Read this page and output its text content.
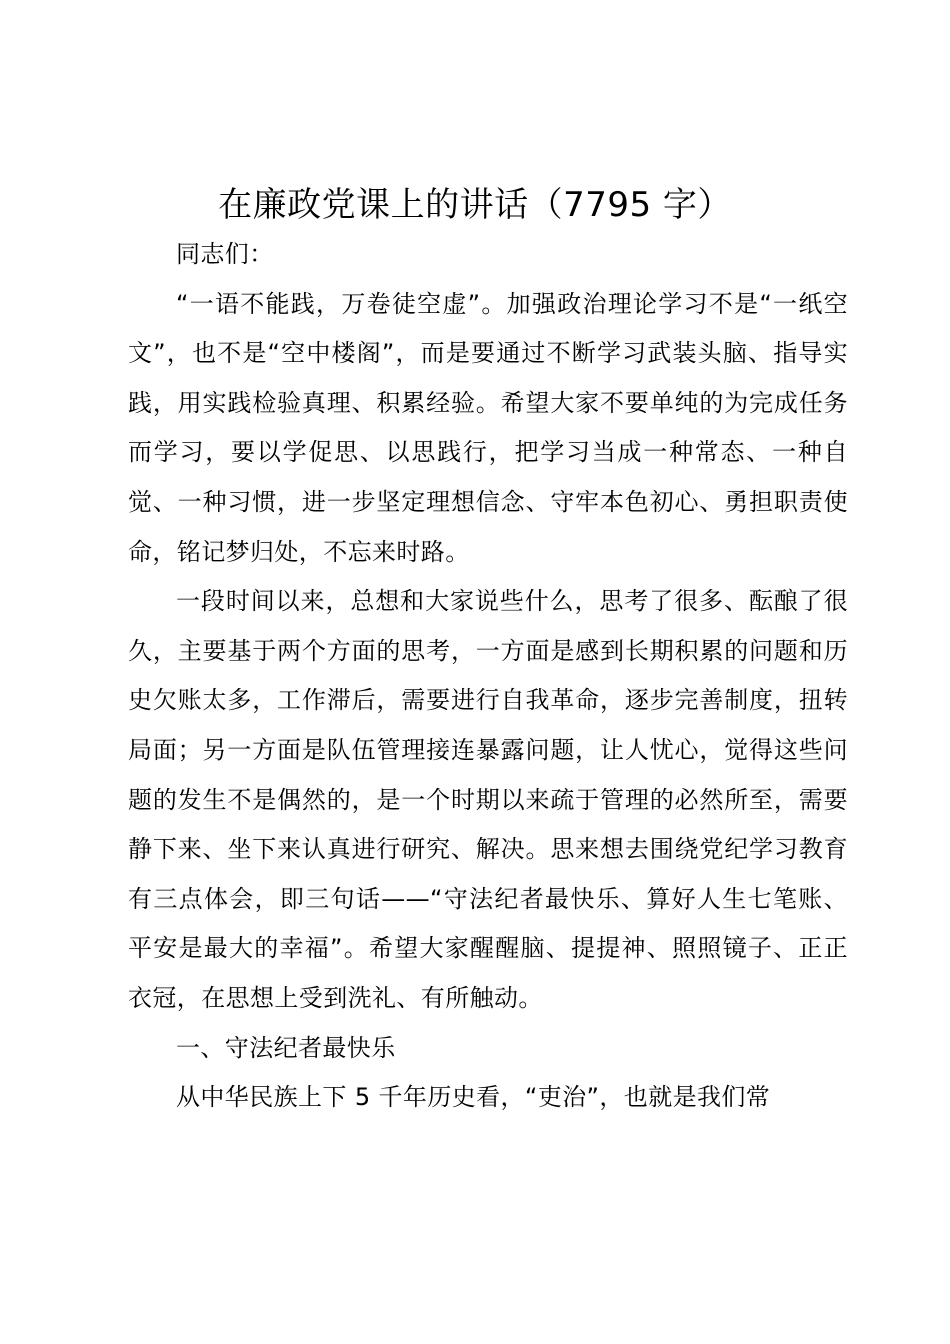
在廉政党课上的讲话（7795 字）

同志们：

“一语不能践，万卷徒空虚”。加强政治理论学习不是“一纸空文”，也不是“空中楼阁”，而是要通过不断学习武装头脑、指导实践，用实践检验真理、积累经验。希望大家不要单纯的为完成任务而学习，要以学促思、以思践行，把学习当成一种常态、一种自觉、一种习惯，进一步坚定理想信念、守牢本色初心、勇担职责使命，铭记梦归处，不忘来时路。

一段时间以来，总想和大家说些什么，思考了很多、酝酿了很久，主要基于两个方面的思考，一方面是感到长期积累的问题和历史欠账太多，工作滞后，需要进行自我革命，逐步完善制度，扭转局面；另一方面是队伍管理接连暴露问题，让人忧心，觉得这些问题的发生不是偶然的，是一个时期以来疏于管理的必然所至，需要静下来、坐下来认真进行研究、解决。思来想去围绕党纪学习教育有三点体会，即三句话——“守法纪者最快乐、算好人生七笔账、平安是最大的幸福”。希望大家醒醒脑、提提神、照照镜子、正正衣冠，在思想上受到洗礼、有所触动。

一、守法纪者最快乐

从中华民族上下 5 千年历史看，“吏治”，也就是我们常
